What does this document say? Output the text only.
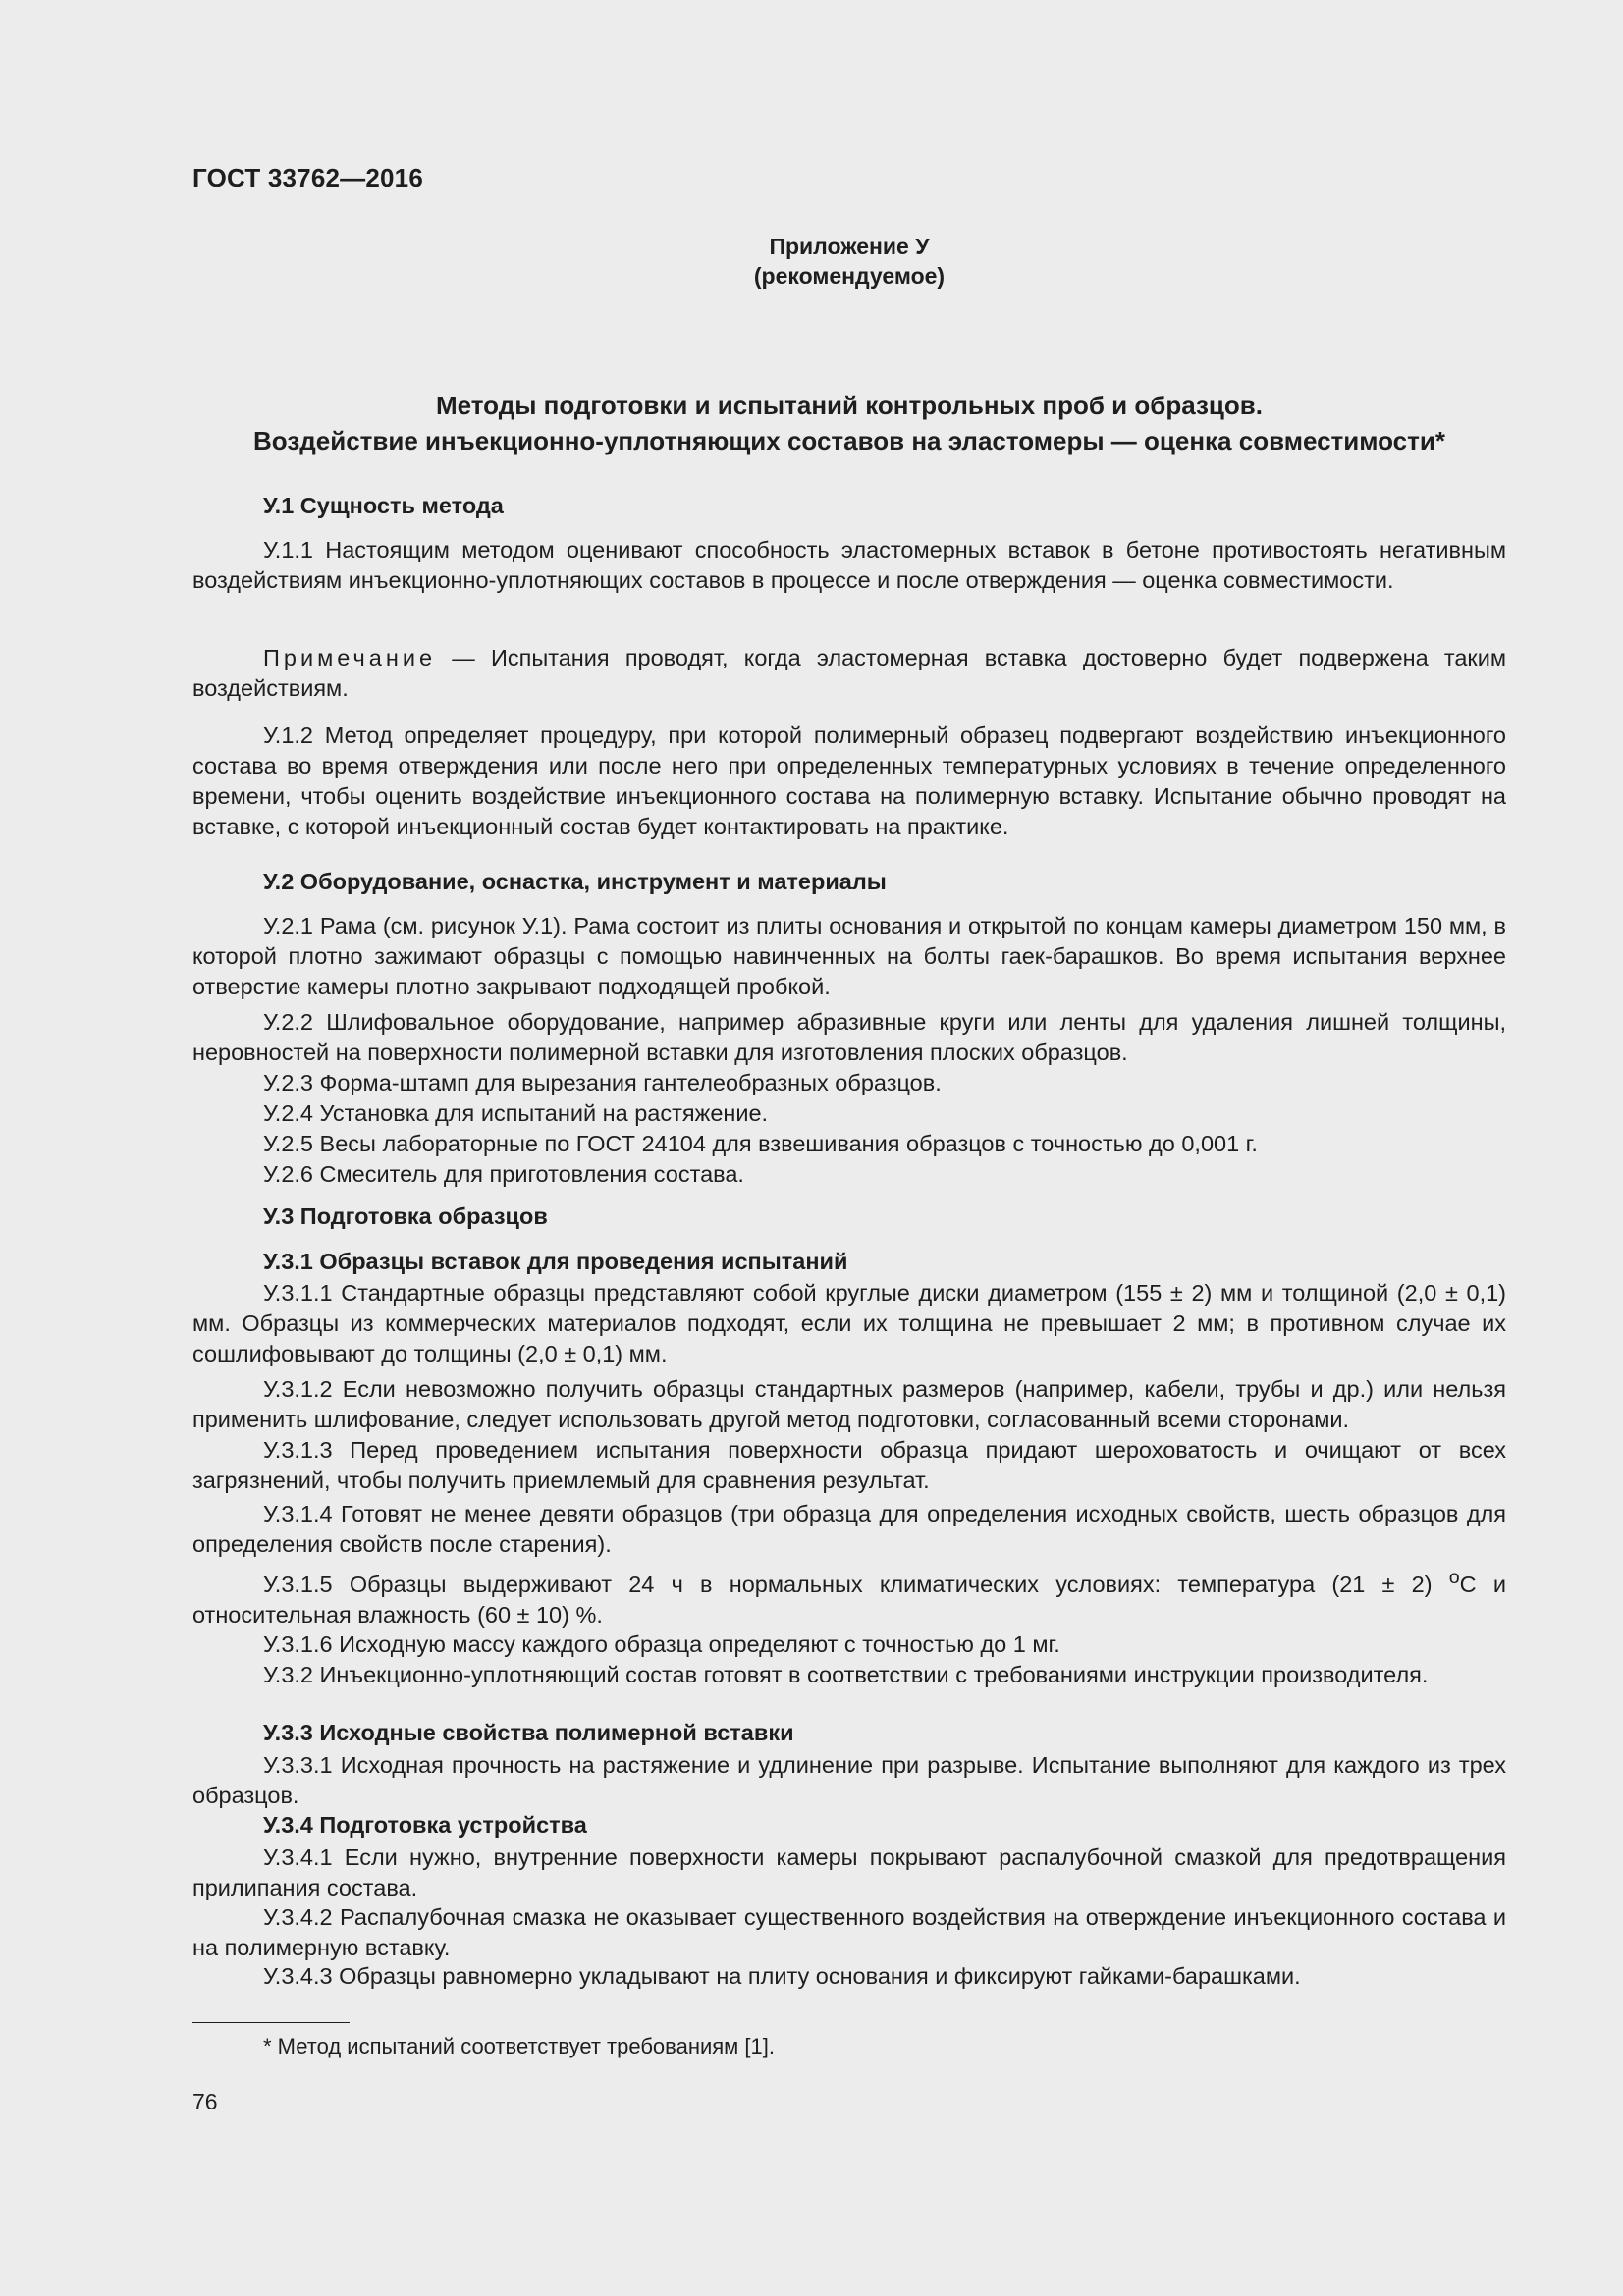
ГОСТ 33762—2016
Приложение У
(рекомендуемое)
Методы подготовки и испытаний контрольных проб и образцов.
Воздействие инъекционно-уплотняющих составов на эластомеры — оценка совместимости*
У.1 Сущность метода
У.1.1 Настоящим методом оценивают способность эластомерных вставок в бетоне противостоять негативным воздействиям инъекционно-уплотняющих составов в процессе и после отверждения — оценка совместимости.
Примечание — Испытания проводят, когда эластомерная вставка достоверно будет подвержена таким воздействиям.
У.1.2 Метод определяет процедуру, при которой полимерный образец подвергают воздействию инъекционного состава во время отверждения или после него при определенных температурных условиях в течение определенного времени, чтобы оценить воздействие инъекционного состава на полимерную вставку. Испытание обычно проводят на вставке, с которой инъекционный состав будет контактировать на практике.
У.2 Оборудование, оснастка, инструмент и материалы
У.2.1 Рама (см. рисунок У.1). Рама состоит из плиты основания и открытой по концам камеры диаметром 150 мм, в которой плотно зажимают образцы с помощью навинченных на болты гаек-барашков. Во время испытания верхнее отверстие камеры плотно закрывают подходящей пробкой.
У.2.2 Шлифовальное оборудование, например абразивные круги или ленты для удаления лишней толщины, неровностей на поверхности полимерной вставки для изготовления плоских образцов.
У.2.3 Форма-штамп для вырезания гантелеобразных образцов.
У.2.4 Установка для испытаний на растяжение.
У.2.5 Весы лабораторные по ГОСТ 24104 для взвешивания образцов с точностью до 0,001 г.
У.2.6 Смеситель для приготовления состава.
У.3 Подготовка образцов
У.3.1 Образцы вставок для проведения испытаний
У.3.1.1 Стандартные образцы представляют собой круглые диски диаметром (155 ± 2) мм и толщиной (2,0 ± 0,1) мм. Образцы из коммерческих материалов подходят, если их толщина не превышает 2 мм; в противном случае их сошлифовывают до толщины (2,0 ± 0,1) мм.
У.3.1.2 Если невозможно получить образцы стандартных размеров (например, кабели, трубы и др.) или нельзя применить шлифование, следует использовать другой метод подготовки, согласованный всеми сторонами.
У.3.1.3 Перед проведением испытания поверхности образца придают шероховатость и очищают от всех загрязнений, чтобы получить приемлемый для сравнения результат.
У.3.1.4 Готовят не менее девяти образцов (три образца для определения исходных свойств, шесть образцов для определения свойств после старения).
У.3.1.5 Образцы выдерживают 24 ч в нормальных климатических условиях: температура (21 ± 2) $^о$С и относительная влажность (60 ± 10) %.
У.3.1.6 Исходную массу каждого образца определяют с точностью до 1 мг.
У.3.2 Инъекционно-уплотняющий состав готовят в соответствии с требованиями инструкции производителя.
У.3.3 Исходные свойства полимерной вставки
У.3.3.1 Исходная прочность на растяжение и удлинение при разрыве. Испытание выполняют для каждого из трех образцов.
У.3.4 Подготовка устройства
У.3.4.1 Если нужно, внутренние поверхности камеры покрывают распалубочной смазкой для предотвращения прилипания состава.
У.3.4.2 Распалубочная смазка не оказывает существенного воздействия на отверждение инъекционного состава и на полимерную вставку.
У.3.4.3 Образцы равномерно укладывают на плиту основания и фиксируют гайками-барашками.
* Метод испытаний соответствует требованиям [1].
76
